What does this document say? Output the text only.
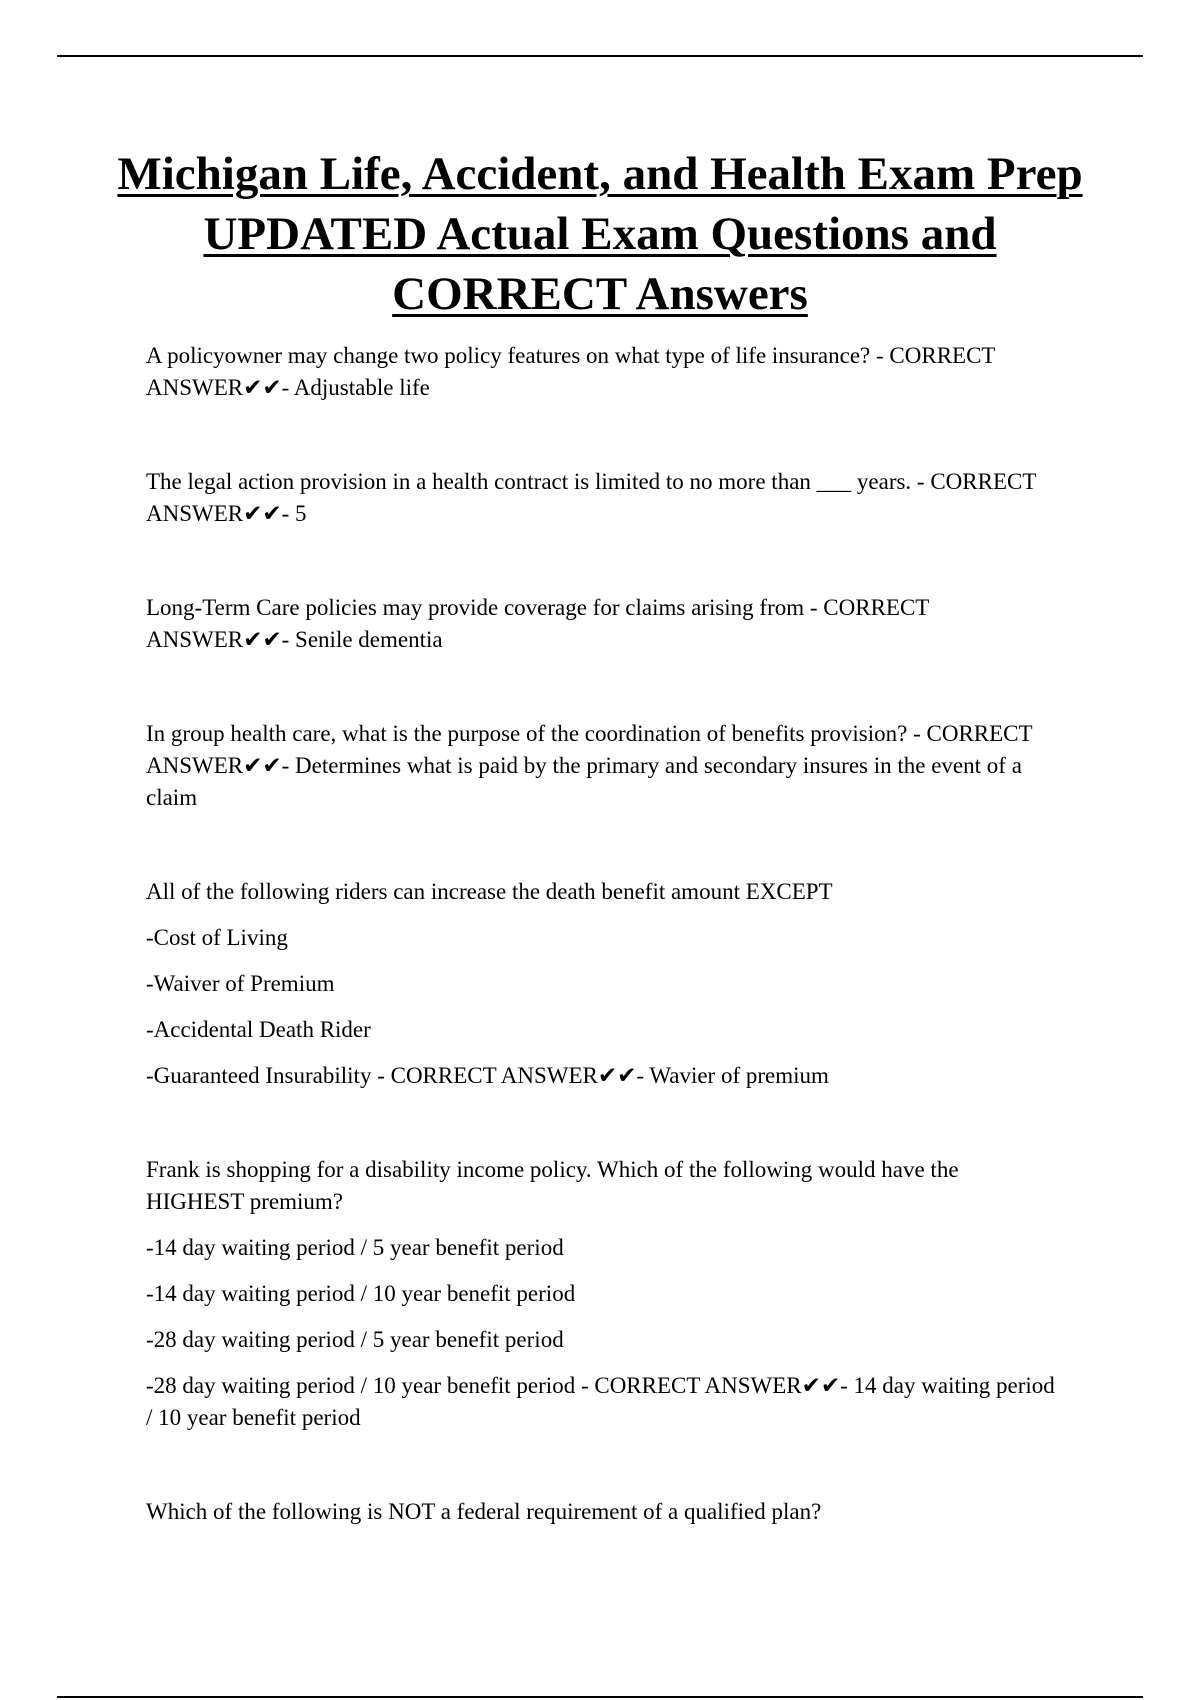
Michigan Life, Accident, and Health Exam Prep UPDATED Actual Exam Questions and CORRECT Answers

A policyowner may change two policy features on what type of life insurance? - CORRECT ANSWER✔✔- Adjustable life

The legal action provision in a health contract is limited to no more than ___ years. - CORRECT ANSWER✔✔- 5

Long-Term Care policies may provide coverage for claims arising from - CORRECT ANSWER✔✔- Senile dementia

In group health care, what is the purpose of the coordination of benefits provision? - CORRECT ANSWER✔✔- Determines what is paid by the primary and secondary insures in the event of a claim

All of the following riders can increase the death benefit amount EXCEPT

-Cost of Living

-Waiver of Premium

-Accidental Death Rider

-Guaranteed Insurability - CORRECT ANSWER✔✔- Wavier of premium

Frank is shopping for a disability income policy. Which of the following would have the HIGHEST premium?

-14 day waiting period / 5 year benefit period

-14 day waiting period / 10 year benefit period

-28 day waiting period / 5 year benefit period

-28 day waiting period / 10 year benefit period - CORRECT ANSWER✔✔- 14 day waiting period / 10 year benefit period

Which of the following is NOT a federal requirement of a qualified plan?
